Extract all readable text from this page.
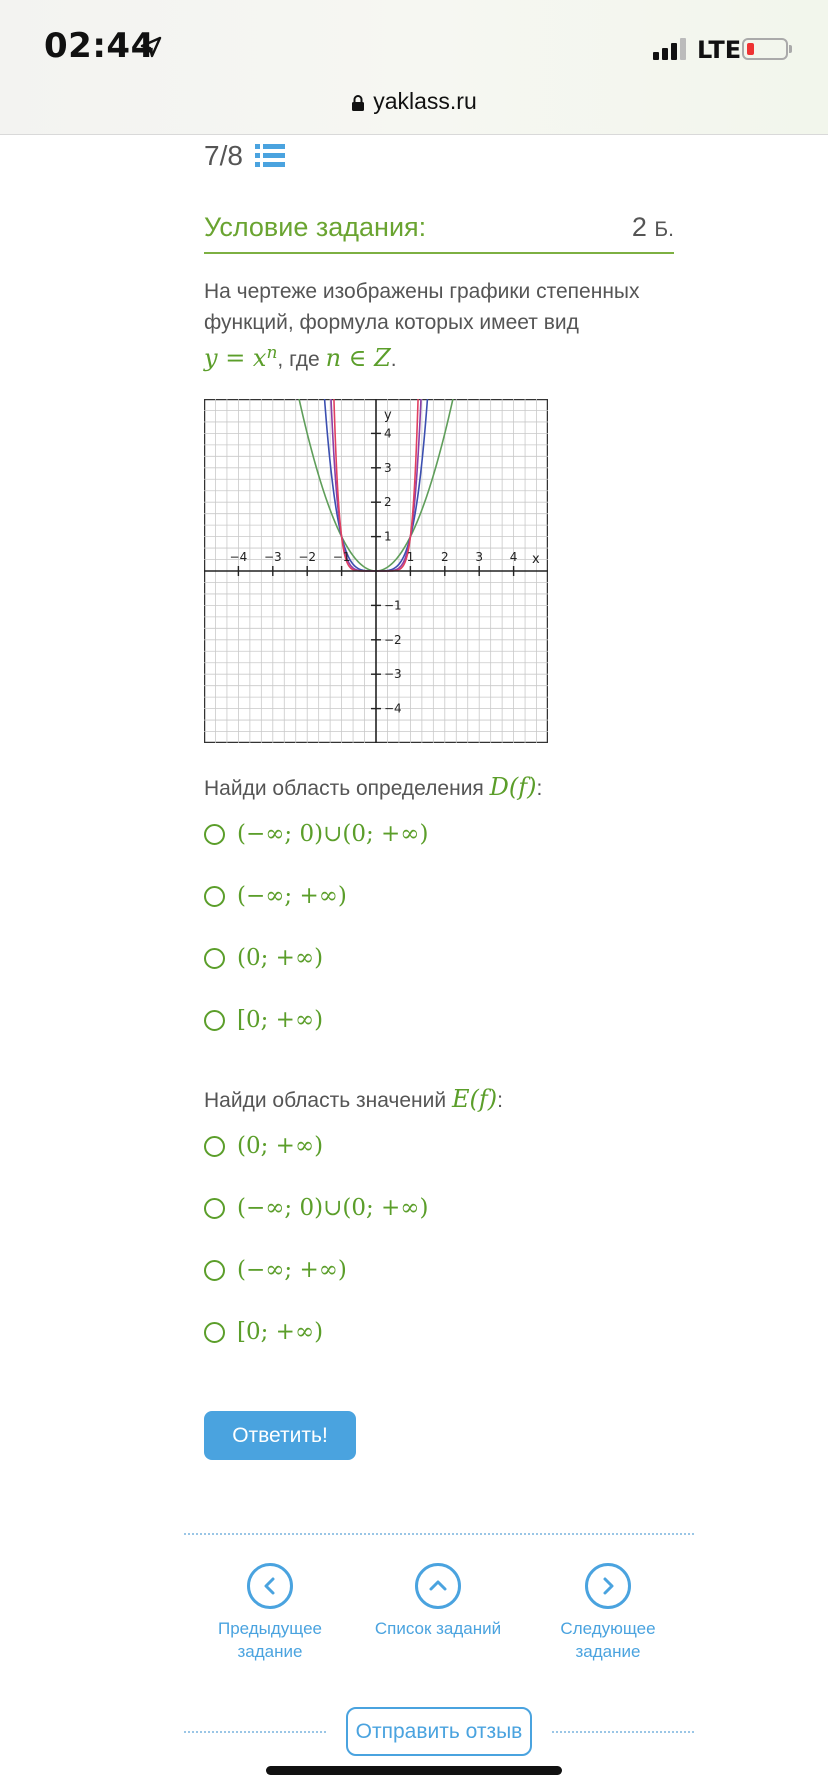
02:44	LTE
yaklass.ru
7/8
Условие задания:	2 Б.
На чертеже изображены графики степенных
функций, формула которых имеет вид
$y = x^n$, где n ∈ Z.
−4 −3 −2 −1	1 2 3 4
4
3
2
1
−1
−2
−3
−4
x
y
Найди область определения D(f):
(−∞; 0)∪(0; +∞)
(−∞; +∞)
(0; +∞)
[0; +∞)
Найди область значений E(f):
(0; +∞)
(−∞; 0)∪(0; +∞)
(−∞; +∞)
[0; +∞)
Ответить!
Предыдущее
задание
Список заданий	Следующее
задание
Отправить отзыв
